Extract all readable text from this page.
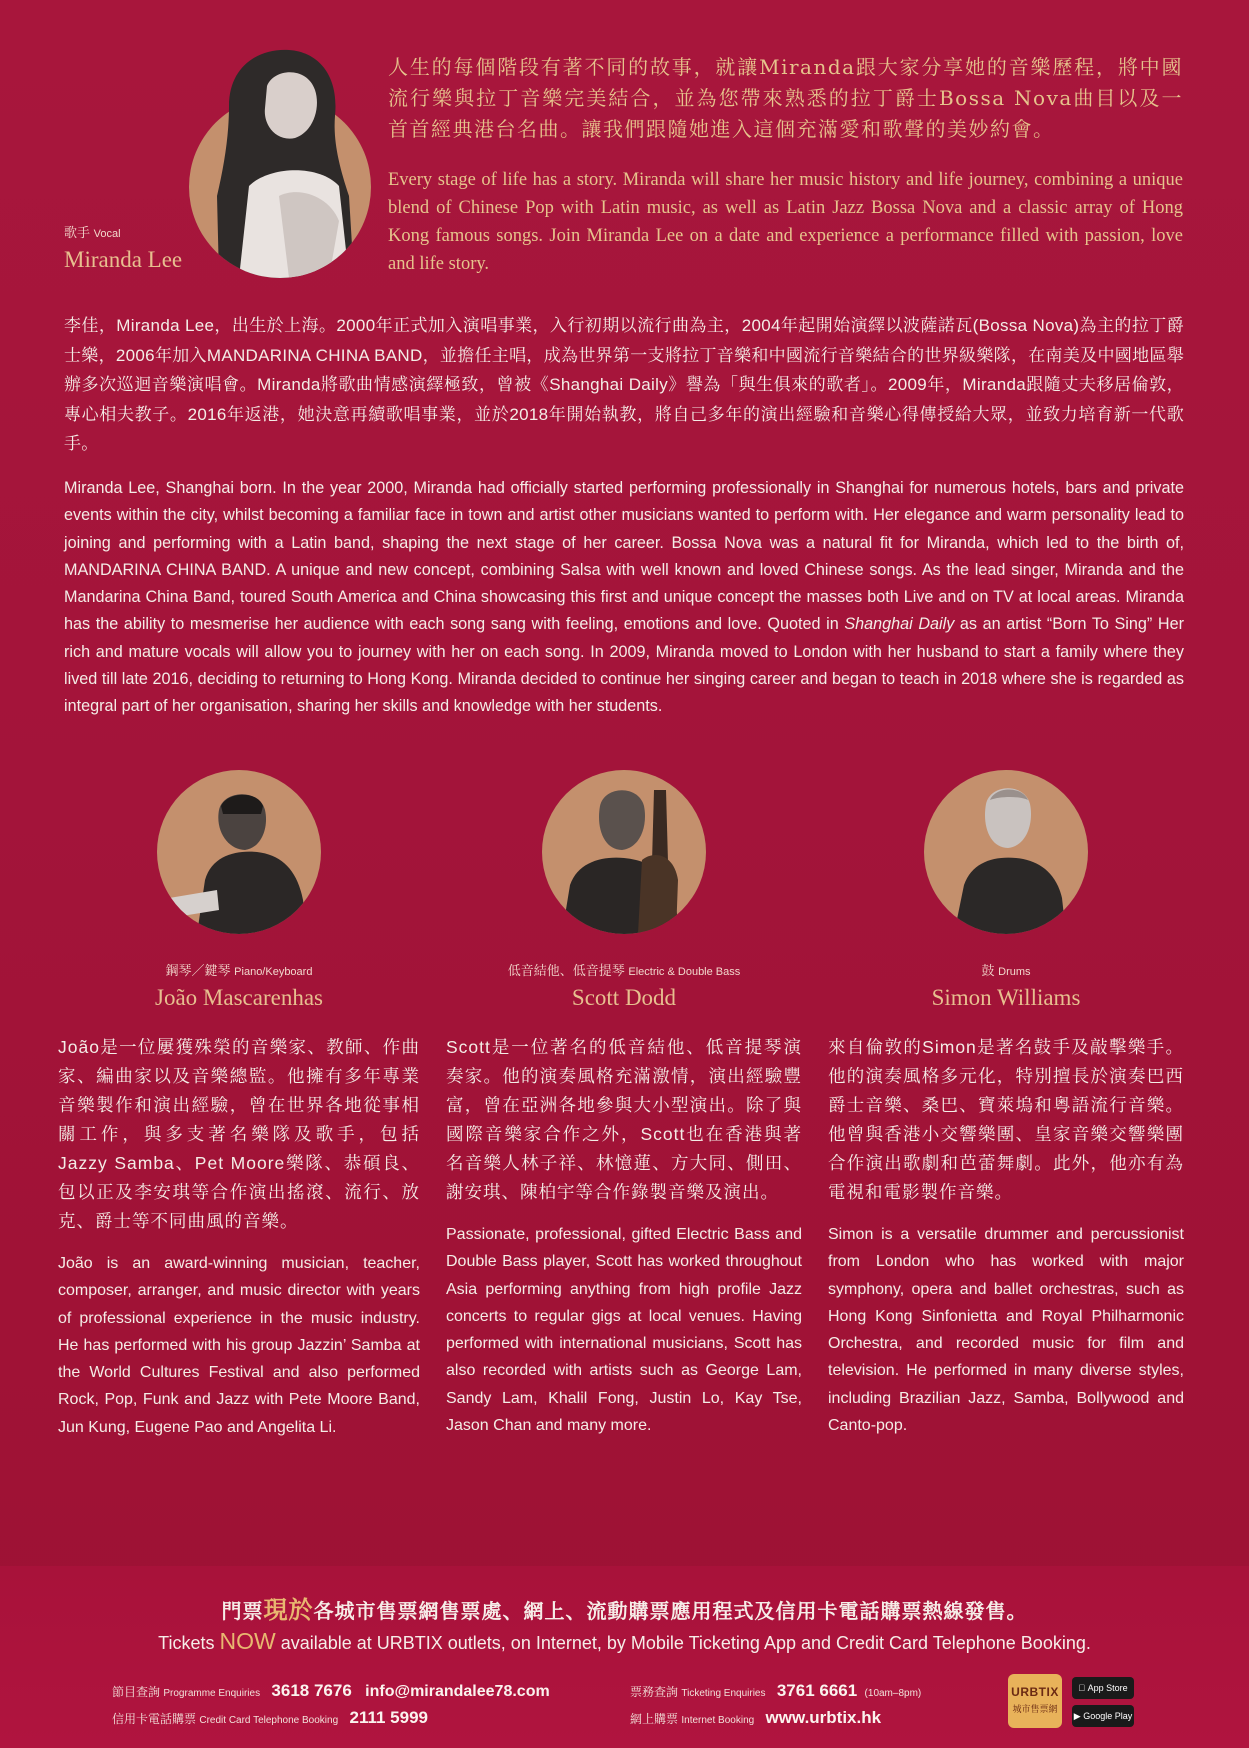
歌手 Vocal
Miranda Lee
人生的每個階段有著不同的故事，就讓Miranda跟大家分享她的音樂歷程，將中國流行樂與拉丁音樂完美結合，並為您帶來熟悉的拉丁爵士Bossa Nova曲目以及一首首經典港台名曲。讓我們跟隨她進入這個充滿愛和歌聲的美妙約會。
Every stage of life has a story. Miranda will share her music history and life journey, combining a unique blend of Chinese Pop with Latin music, as well as Latin Jazz Bossa Nova and a classic array of Hong Kong famous songs. Join Miranda Lee on a date and experience a performance filled with passion, love and life story.
李佳，Miranda Lee，出生於上海。2000年正式加入演唱事業，入行初期以流行曲為主，2004年起開始演繹以波薩諾瓦(Bossa Nova)為主的拉丁爵士樂，2006年加入MANDARINA CHINA BAND，並擔任主唱，成為世界第一支將拉丁音樂和中國流行音樂結合的世界級樂隊，在南美及中國地區舉辦多次巡迴音樂演唱會。Miranda將歌曲情感演繹極致，曾被《Shanghai Daily》譽為「與生俱來的歌者」。2009年，Miranda跟隨丈夫移居倫敦，專心相夫教子。2016年返港，她決意再續歌唱事業，並於2018年開始執教，將自己多年的演出經驗和音樂心得傳授給大眾，並致力培育新一代歌手。
Miranda Lee, Shanghai born. In the year 2000, Miranda had officially started performing professionally in Shanghai for numerous hotels, bars and private events within the city, whilst becoming a familiar face in town and artist other musicians wanted to perform with. Her elegance and warm personality lead to joining and performing with a Latin band, shaping the next stage of her career. Bossa Nova was a natural fit for Miranda, which led to the birth of, MANDARINA CHINA BAND. A unique and new concept, combining Salsa with well known and loved Chinese songs. As the lead singer, Miranda and the Mandarina China Band, toured South America and China showcasing this first and unique concept the masses both Live and on TV at local areas. Miranda has the ability to mesmerise her audience with each song sang with feeling, emotions and love. Quoted in Shanghai Daily as an artist “Born To Sing” Her rich and mature vocals will allow you to journey with her on each song. In 2009, Miranda moved to London with her husband to start a family where they lived till late 2016, deciding to returning to Hong Kong. Miranda decided to continue her singing career and began to teach in 2018 where she is regarded as integral part of her organisation, sharing her skills and knowledge with her students.
鋼琴／鍵琴 Piano/Keyboard
João Mascarenhas
João是一位屢獲殊榮的音樂家、教師、作曲家、編曲家以及音樂總監。他擁有多年專業音樂製作和演出經驗，曾在世界各地從事相關工作，與多支著名樂隊及歌手，包括Jazzy Samba、Pet Moore樂隊、恭碩良、包以正及李安琪等合作演出搖滾、流行、放克、爵士等不同曲風的音樂。
João is an award-winning musician, teacher, composer, arranger, and music director with years of professional experience in the music industry. He has performed with his group Jazzin’ Samba at the World Cultures Festival and also performed Rock, Pop, Funk and Jazz with Pete Moore Band, Jun Kung, Eugene Pao and Angelita Li.
低音結他、低音提琴 Electric & Double Bass
Scott Dodd
Scott是一位著名的低音結他、低音提琴演奏家。他的演奏風格充滿激情，演出經驗豐富，曾在亞洲各地參與大小型演出。除了與國際音樂家合作之外，Scott也在香港與著名音樂人林子祥、林憶蓮、方大同、側田、謝安琪、陳柏宇等合作錄製音樂及演出。
Passionate, professional, gifted Electric Bass and Double Bass player, Scott has worked throughout Asia performing anything from high profile Jazz concerts to regular gigs at local venues. Having performed with international musicians, Scott has also recorded with artists such as George Lam, Sandy Lam, Khalil Fong, Justin Lo, Kay Tse, Jason Chan and many more.
鼓 Drums
Simon Williams
來自倫敦的Simon是著名鼓手及敲擊樂手。他的演奏風格多元化，特別擅長於演奏巴西爵士音樂、桑巴、寶萊塢和粵語流行音樂。他曾與香港小交響樂團、皇家音樂交響樂團合作演出歌劇和芭蕾舞劇。此外，他亦有為電視和電影製作音樂。
Simon is a versatile drummer and percussionist from London who has worked with major symphony, opera and ballet orchestras, such as Hong Kong Sinfonietta and Royal Philharmonic Orchestra, and recorded music for film and television. He performed in many diverse styles, including Brazilian Jazz, Samba, Bollywood and Canto-pop.
門票現於各城市售票網售票處、網上、流動購票應用程式及信用卡電話購票熱線發售。
Tickets NOW available at URBTIX outlets, on Internet, by Mobile Ticketing App and Credit Card Telephone Booking.
節目查詢 Programme Enquiries 3618 7676 info@mirandalee78.com
信用卡電話購票 Credit Card Telephone Booking 2111 5999
票務查詢 Ticketing Enquiries 3761 6661 (10am–8pm)
網上購票 Internet Booking www.urbtix.hk
URBTIX
城市售票網
App Store
▶ Google Play
